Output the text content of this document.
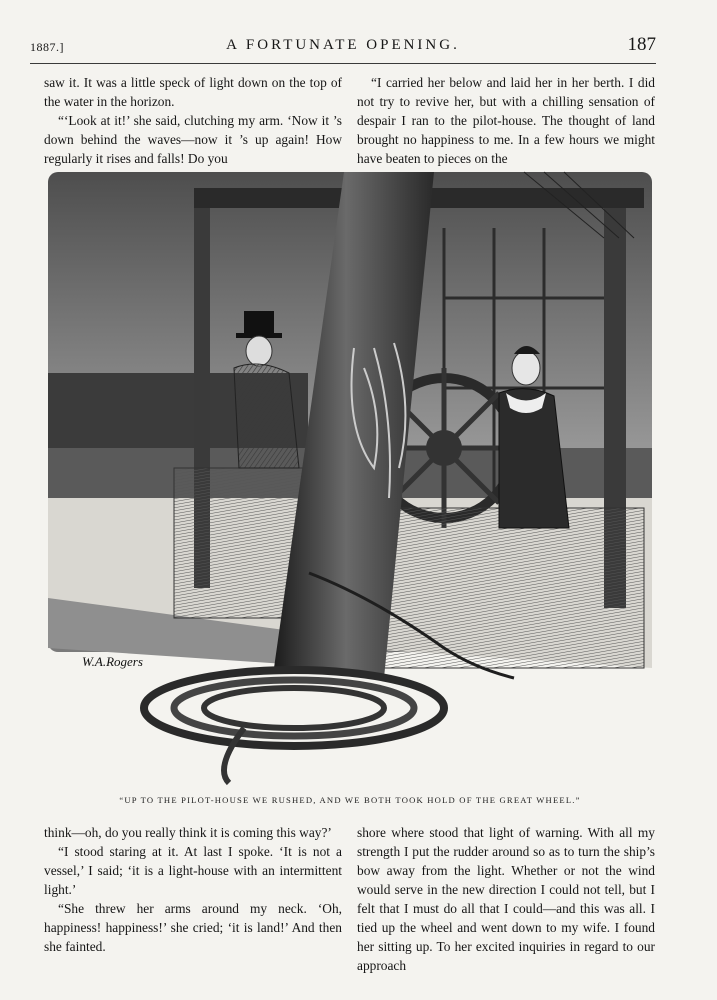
1887.]	A FORTUNATE OPENING.	187

saw it. It was a little speck of light down on the top of the water in the horizon.

“‘Look at it!’ she said, clutching my arm. ‘Now it ’s down behind the waves—now it ’s up again! How regularly it rises and falls! Do you

“I carried her below and laid her in her berth. I did not try to revive her, but with a chilling sensation of despair I ran to the pilot-house. The thought of land brought no happiness to me. In a few hours we might have beaten to pieces on the

W.A.Rogers
“UP TO THE PILOT-HOUSE WE RUSHED, AND WE BOTH TOOK HOLD OF THE GREAT WHEEL.”

think—oh, do you really think it is coming this way?’

“I stood staring at it. At last I spoke. ‘It is not a vessel,’ I said; ‘it is a light-house with an intermittent light.’

“She threw her arms around my neck. ‘Oh, happiness! happiness!’ she cried; ‘it is land!’ And then she fainted.

shore where stood that light of warning. With all my strength I put the rudder around so as to turn the ship’s bow away from the light. Whether or not the wind would serve in the new direction I could not tell, but I felt that I must do all that I could—and this was all. I tied up the wheel and went down to my wife. I found her sitting up. To her excited inquiries in regard to our approach
